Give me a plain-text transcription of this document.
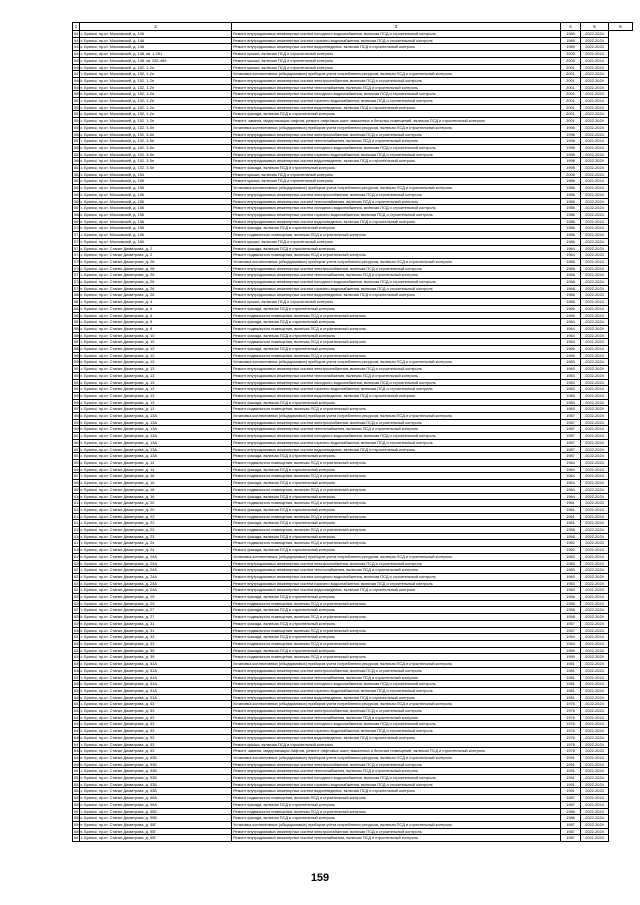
1	2	3	4	5	6
541.	г. Брянск, пр-кт. Московский, д. 146	Ремонт внутридомовых инженерных систем холодного водоснабжения, включая ПСД и строительный контроль	1989	2022-2024	
542.	г. Брянск, пр-кт. Московский, д. 146	Ремонт внутридомовых инженерных систем горячего водоснабжения, включая ПСД и строительный контроль	1989	2022-2024	
543.	г. Брянск, пр-кт. Московский, д. 146	Ремонт внутридомовых инженерных систем водоотведения, включая ПСД и строительный контроль	1989	2022-2024	
544.	г. Брянск, пр-кт. Московский, д. 148, кв. 1-281	Ремонт крыши, включая ПСД и строительный контроль	2005	2022-2024	
545.	г. Брянск, пр-кт. Московский, д. 148, кв. 282-469	Ремонт крыши, включая ПСД и строительный контроль	2005	2022-2024	
546.	г. Брянск, пр-кт. Московский, д. 152, 1-2п	Ремонт крыши, включая ПСД и строительный контроль	2001	2022-2024	
547.	г. Брянск, пр-кт. Московский, д. 152, 1-2п	Установка коллективных (общедомовых) приборов учета потребления ресурсов, включая ПСД и строительный контроль	2001	2022-2024	
548.	г. Брянск, пр-кт. Московский, д. 152, 1-2п	Ремонт внутридомовых инженерных систем электроснабжения, включая ПСД и строительный контроль	2001	2022-2024	
549.	г. Брянск, пр-кт. Московский, д. 152, 1-2п	Ремонт внутридомовых инженерных систем теплоснабжения, включая ПСД и строительный контроль	2001	2022-2024	
550.	г. Брянск, пр-кт. Московский, д. 152, 1-2п	Ремонт внутридомовых инженерных систем холодного водоснабжения, включая ПСД и строительный контроль	2001	2022-2024	
551.	г. Брянск, пр-кт. Московский, д. 152, 1-2п	Ремонт внутридомовых инженерных систем горячего водоснабжения, включая ПСД и строительный контроль	2001	2022-2024	
552.	г. Брянск, пр-кт. Московский, д. 152, 1-2п	Ремонт внутридомовых инженерных систем водоотведения, включая ПСД и строительный контроль	2001	2022-2024	
553.	г. Брянск, пр-кт. Московский, д. 152, 1-2п	Ремонт фасада, включая ПСД и строительный контроль	2001	2022-2024	
554.	г. Брянск, пр-кт. Московский, д. 152, 1-2п	Ремонт, замена, модернизация лифтов, ремонт лифтовых шахт, машинных и блочных помещений, включая ПСД и строительный контроль	2001	2022-2024	
555.	г. Брянск, пр-кт. Московский, д. 152, 3-5п	Установка коллективных (общедомовых) приборов учета потребления ресурсов, включая ПСД и строительный контроль	1998	2022-2024	
556.	г. Брянск, пр-кт. Московский, д. 152, 3-5п	Ремонт внутридомовых инженерных систем электроснабжения, включая ПСД и строительный контроль	1998	2022-2024	
557.	г. Брянск, пр-кт. Московский, д. 152, 3-5п	Ремонт внутридомовых инженерных систем теплоснабжения, включая ПСД и строительный контроль	1998	2022-2024	
558.	г. Брянск, пр-кт. Московский, д. 152, 3-5п	Ремонт внутридомовых инженерных систем холодного водоснабжения, включая ПСД и строительный контроль	1998	2022-2024	
559.	г. Брянск, пр-кт. Московский, д. 152, 3-5п	Ремонт внутридомовых инженерных систем горячего водоснабжения, включая ПСД и строительный контроль	1998	2022-2024	
560.	г. Брянск, пр-кт. Московский, д. 152, 3-5п	Ремонт внутридомовых инженерных систем водоотведения, включая ПСД и строительный контроль	1998	2022-2024	
561.	г. Брянск, пр-кт. Московский, д. 152, 3-5п	Ремонт фасада, включая ПСД и строительный контроль	1998	2022-2024	
562.	г. Брянск, пр-кт. Московский, д. 154	Ремонт крыши, включая ПСД и строительный контроль	2008	2022-2024	
563.	г. Брянск, пр-кт. Московский, д. 156	Ремонт крыши, включая ПСД и строительный контроль	1986	2022-2024	
564.	г. Брянск, пр-кт. Московский, д. 156	Установка коллективных (общедомовых) приборов учета потребления ресурсов, включая ПСД и строительный контроль	1986	2022-2024	
565.	г. Брянск, пр-кт. Московский, д. 156	Ремонт внутридомовых инженерных систем электроснабжения, включая ПСД и строительный контроль	1986	2022-2024	
566.	г. Брянск, пр-кт. Московский, д. 156	Ремонт внутридомовых инженерных систем теплоснабжения, включая ПСД и строительный контроль	1986	2022-2024	
567.	г. Брянск, пр-кт. Московский, д. 156	Ремонт внутридомовых инженерных систем холодного водоснабжения, включая ПСД и строительный контроль	1986	2022-2024	
568.	г. Брянск, пр-кт. Московский, д. 156	Ремонт внутридомовых инженерных систем горячего водоснабжения, включая ПСД и строительный контроль	1986	2022-2024	
569.	г. Брянск, пр-кт. Московский, д. 156	Ремонт внутридомовых инженерных систем водоотведения, включая ПСД и строительный контроль	1986	2022-2024	
570.	г. Брянск, пр-кт. Московский, д. 156	Ремонт фасада, включая ПСД и строительный контроль	1986	2022-2024	
571.	г. Брянск, пр-кт. Московский, д. 156	Ремонт подвального помещения, включая ПСД и строительный контроль	1986	2022-2024	
572.	г. Брянск, пр-кт. Московский, д. 160	Ремонт крыши, включая ПСД и строительный контроль	1986	2022-2024	
573.	г. Брянск, пр-кт. Станке Димитрова, д. 2	Ремонт фасада, включая ПСД и строительный контроль	1964	2022-2024	
574.	г. Брянск, пр-кт. Станке Димитрова, д. 2	Ремонт подвального помещения, включая ПСД и строительный контроль	1964	2022-2024	
575.	г. Брянск, пр-кт. Станке Димитрова, д. 26	Установка коллективных (общедомовых) приборов учета потребления ресурсов, включая ПСД и строительный контроль	1968	2022-2024	
576.	г. Брянск, пр-кт. Станке Димитрова, д. 26	Ремонт внутридомовых инженерных систем электроснабжения, включая ПСД и строительный контроль	1968	2022-2024	
577.	г. Брянск, пр-кт. Станке Димитрова, д. 26	Ремонт внутридомовых инженерных систем теплоснабжения, включая ПСД и строительный контроль	1968	2022-2024	
578.	г. Брянск, пр-кт. Станке Димитрова, д. 26	Ремонт внутридомовых инженерных систем холодного водоснабжения, включая ПСД и строительный контроль	1968	2022-2024	
579.	г. Брянск, пр-кт. Станке Димитрова, д. 26	Ремонт внутридомовых инженерных систем горячего водоснабжения, включая ПСД и строительный контроль	1968	2022-2024	
580.	г. Брянск, пр-кт. Станке Димитрова, д. 26	Ремонт внутридомовых инженерных систем водоотведения, включая ПСД и строительный контроль	1968	2022-2024	
581.	г. Брянск, пр-кт. Станке Димитрова, д. 4	Ремонт крыши, включая ПСД и строительный контроль	1968	2022-2024	
582.	г. Брянск, пр-кт. Станке Димитрова, д. 6	Ремонт фасада, включая ПСД и строительный контроль	1965	2022-2024	
583.	г. Брянск, пр-кт. Станке Димитрова, д. 6	Ремонт подвального помещения, включая ПСД и строительный контроль	1965	2022-2024	
584.	г. Брянск, пр-кт. Станке Димитрова, д. 8	Ремонт фасада, включая ПСД и строительный контроль	1964	2022-2024	
585.	г. Брянск, пр-кт. Станке Димитрова, д. 8	Ремонт подвального помещения, включая ПСД и строительный контроль	1964	2022-2024	
586.	г. Брянск, пр-кт. Станке Димитрова, д. 10	Ремонт фасада, включая ПСД и строительный контроль	1964	2022-2024	
587.	г. Брянск, пр-кт. Станке Димитрова, д. 10	Ремонт подвального помещения, включая ПСД и строительный контроль	1964	2022-2024	
588.	г. Брянск, пр-кт. Станке Димитрова, д. 12	Ремонт фасада, включая ПСД и строительный контроль	1965	2022-2024	
589.	г. Брянск, пр-кт. Станке Димитрова, д. 12	Ремонт подвального помещения, включая ПСД и строительный контроль	1965	2022-2024	
590.	г. Брянск, пр-кт. Станке Димитрова, д. 13	Установка коллективных (общедомовых) приборов учета потребления ресурсов, включая ПСД и строительный контроль	1983	2022-2024	
591.	г. Брянск, пр-кт. Станке Димитрова, д. 13	Ремонт внутридомовых инженерных систем электроснабжения, включая ПСД и строительный контроль	1983	2022-2024	
592.	г. Брянск, пр-кт. Станке Димитрова, д. 13	Ремонт внутридомовых инженерных систем теплоснабжения, включая ПСД и строительный контроль	1983	2022-2024	
593.	г. Брянск, пр-кт. Станке Димитрова, д. 13	Ремонт внутридомовых инженерных систем холодного водоснабжения, включая ПСД и строительный контроль	1983	2022-2024	
594.	г. Брянск, пр-кт. Станке Димитрова, д. 13	Ремонт внутридомовых инженерных систем горячего водоснабжения, включая ПСД и строительный контроль	1983	2022-2024	
595.	г. Брянск, пр-кт. Станке Димитрова, д. 13	Ремонт внутридомовых инженерных систем водоотведения, включая ПСД и строительный контроль	1983	2022-2024	
596.	г. Брянск, пр-кт. Станке Димитрова, д. 13	Ремонт фасада, включая ПСД и строительный контроль	1983	2022-2024	
597.	г. Брянск, пр-кт. Станке Димитрова, д. 13	Ремонт подвального помещения, включая ПСД и строительный контроль	1983	2022-2024	
598.	г. Брянск, пр-кт. Станке Димитрова, д. 13А	Установка коллективных (общедомовых) приборов учета потребления ресурсов, включая ПСД и строительный контроль	1987	2022-2024	
599.	г. Брянск, пр-кт. Станке Димитрова, д. 13А	Ремонт внутридомовых инженерных систем электроснабжения, включая ПСД и строительный контроль	1987	2022-2024	
600.	г. Брянск, пр-кт. Станке Димитрова, д. 13А	Ремонт внутридомовых инженерных систем теплоснабжения, включая ПСД и строительный контроль	1987	2022-2024	
601.	г. Брянск, пр-кт. Станке Димитрова, д. 13А	Ремонт внутридомовых инженерных систем холодного водоснабжения, включая ПСД и строительный контроль	1987	2022-2024	
602.	г. Брянск, пр-кт. Станке Димитрова, д. 13А	Ремонт внутридомовых инженерных систем горячего водоснабжения, включая ПСД и строительный контроль	1987	2022-2024	
603.	г. Брянск, пр-кт. Станке Димитрова, д. 13А	Ремонт внутридомовых инженерных систем водоотведения, включая ПСД и строительный контроль	1987	2022-2024	
604.	г. Брянск, пр-кт. Станке Димитрова, д. 13А	Ремонт фасада, включая ПСД и строительный контроль	1987	2022-2024	
605.	г. Брянск, пр-кт. Станке Димитрова, д. 14	Ремонт подвального помещения, включая ПСД и строительный контроль	1964	2022-2024	
606.	г. Брянск, пр-кт. Станке Димитрова, д. 14	Ремонт фасада, включая ПСД и строительный контроль	1964	2022-2024	
607.	г. Брянск, пр-кт. Станке Димитрова, д. 16	Ремонт подвального помещения, включая ПСД и строительный контроль	1964	2022-2024	
608.	г. Брянск, пр-кт. Станке Димитрова, д. 16	Ремонт фасада, включая ПСД и строительный контроль	1964	2022-2024	
609.	г. Брянск, пр-кт. Станке Димитрова, д. 18	Ремонт подвального помещения, включая ПСД и строительный контроль	1964	2022-2024	
610.	г. Брянск, пр-кт. Станке Димитрова, д. 18	Ремонт фасада, включая ПСД и строительный контроль	1964	2022-2024	
611.	г. Брянск, пр-кт. Станке Димитрова, д. 20	Ремонт подвального помещения, включая ПСД и строительный контроль	1961	2022-2024	
612.	г. Брянск, пр-кт. Станке Димитрова, д. 20	Ремонт фасада, включая ПСД и строительный контроль	1961	2022-2024	
613.	г. Брянск, пр-кт. Станке Димитрова, д. 22	Ремонт подвального помещения, включая ПСД и строительный контроль	1961	2022-2024	
614.	г. Брянск, пр-кт. Станке Димитрова, д. 22	Ремонт фасада, включая ПСД и строительный контроль	1961	2022-2024	
615.	г. Брянск, пр-кт. Станке Димитрова, д. 23	Ремонт подвального помещения, включая ПСД и строительный контроль	1958	2022-2024	
616.	г. Брянск, пр-кт. Станке Димитрова, д. 23	Ремонт фасада, включая ПСД и строительный контроль	1958	2022-2024	
617.	г. Брянск, пр-кт. Станке Димитрова, д. 24	Ремонт подвального помещения, включая ПСД и строительный контроль	1962	2022-2024	
618.	г. Брянск, пр-кт. Станке Димитрова, д. 24	Ремонт фасада, включая ПСД и строительный контроль	1962	2022-2024	
619.	г. Брянск, пр-кт. Станке Димитрова, д. 24А	Установка коллективных (общедомовых) приборов учета потребления ресурсов, включая ПСД и строительный контроль	1983	2022-2024	
620.	г. Брянск, пр-кт. Станке Димитрова, д. 24А	Ремонт внутридомовых инженерных систем электроснабжения, включая ПСД и строительный контроль	1983	2022-2024	
621.	г. Брянск, пр-кт. Станке Димитрова, д. 24А	Ремонт внутридомовых инженерных систем теплоснабжения, включая ПСД и строительный контроль	1983	2022-2024	
622.	г. Брянск, пр-кт. Станке Димитрова, д. 24А	Ремонт внутридомовых инженерных систем холодного водоснабжения, включая ПСД и строительный контроль	1983	2022-2024	
623.	г. Брянск, пр-кт. Станке Димитрова, д. 24А	Ремонт внутридомовых инженерных систем горячего водоснабжения, включая ПСД и строительный контроль	1983	2022-2024	
624.	г. Брянск, пр-кт. Станке Димитрова, д. 24А	Ремонт внутридомовых инженерных систем водоотведения, включая ПСД и строительный контроль	1983	2022-2024	
625.	г. Брянск, пр-кт. Станке Димитрова, д. 25	Ремонт фасада, включая ПСД и строительный контроль	1958	2022-2024	
626.	г. Брянск, пр-кт. Станке Димитрова, д. 25	Ремонт подвального помещения, включая ПСД и строительный контроль	1958	2022-2024	
627.	г. Брянск, пр-кт. Станке Димитрова, д. 27	Ремонт фасада, включая ПСД и строительный контроль	1958	2022-2024	
628.	г. Брянск, пр-кт. Станке Димитрова, д. 27	Ремонт подвального помещения, включая ПСД и строительный контроль	1958	2022-2024	
629.	г. Брянск, пр-кт. Станке Димитрова, д. 31	Ремонт фасада, включая ПСД и строительный контроль	1957	2022-2024	
630.	г. Брянск, пр-кт. Станке Димитрова, д. 31	Ремонт подвального помещения, включая ПСД и строительный контроль	1957	2022-2024	
631.	г. Брянск, пр-кт. Станке Димитрова, д. 33	Ремонт фасада, включая ПСД и строительный контроль	1954	2022-2024	
632.	г. Брянск, пр-кт. Станке Димитрова, д. 33	Ремонт подвального помещения, включая ПСД и строительный контроль	1954	2022-2024	
633.	г. Брянск, пр-кт. Станке Димитрова, д. 39	Ремонт фасада, включая ПСД и строительный контроль	1959	2022-2024	
634.	г. Брянск, пр-кт. Станке Димитрова, д. 39	Ремонт подвального помещения, включая ПСД и строительный контроль	1959	2022-2024	
635.	г. Брянск, пр-кт. Станке Димитрова, д. 51А	Установка коллективных (общедомовых) приборов учета потребления ресурсов, включая ПСД и строительный контроль	1981	2022-2024	
636.	г. Брянск, пр-кт. Станке Димитрова, д. 51А	Ремонт внутридомовых инженерных систем электроснабжения, включая ПСД и строительный контроль	1981	2022-2024	
637.	г. Брянск, пр-кт. Станке Димитрова, д. 51А	Ремонт внутридомовых инженерных систем теплоснабжения, включая ПСД и строительный контроль	1981	2022-2024	
638.	г. Брянск, пр-кт. Станке Димитрова, д. 51А	Ремонт внутридомовых инженерных систем холодного водоснабжения, включая ПСД и строительный контроль	1981	2022-2024	
639.	г. Брянск, пр-кт. Станке Димитрова, д. 51А	Ремонт внутридомовых инженерных систем горячего водоснабжения, включая ПСД и строительный контроль	1981	2022-2024	
640.	г. Брянск, пр-кт. Станке Димитрова, д. 51А	Ремонт внутридомовых инженерных систем водоотведения, включая ПСД и строительный контроль	1981	2022-2024	
641.	г. Брянск, пр-кт. Станке Димитрова, д. 53	Установка коллективных (общедомовых) приборов учета потребления ресурсов, включая ПСД и строительный контроль	1976	2022-2024	
642.	г. Брянск, пр-кт. Станке Димитрова, д. 53	Ремонт внутридомовых инженерных систем электроснабжения, включая ПСД и строительный контроль	1976	2022-2024	
643.	г. Брянск, пр-кт. Станке Димитрова, д. 53	Ремонт внутридомовых инженерных систем теплоснабжения, включая ПСД и строительный контроль	1976	2022-2024	
644.	г. Брянск, пр-кт. Станке Димитрова, д. 53	Ремонт внутридомовых инженерных систем холодного водоснабжения, включая ПСД и строительный контроль	1976	2022-2024	
645.	г. Брянск, пр-кт. Станке Димитрова, д. 53	Ремонт внутридомовых инженерных систем горячего водоснабжения, включая ПСД и строительный контроль	1976	2022-2024	
646.	г. Брянск, пр-кт. Станке Димитрова, д. 53	Ремонт внутридомовых инженерных систем водоотведения, включая ПСД и строительный контроль	1976	2022-2024	
647.	г. Брянск, пр-кт. Станке Димитрова, д. 53	Ремонт крыши, включая ПСД и строительный контроль	1976	2022-2024	
648.	г. Брянск, пр-кт. Станке Димитрова, д. 53	Ремонт, замена, модернизация лифтов, ремонт лифтовых шахт, машинных и блочных помещений, включая ПСД и строительный контроль	1976	2022-2024	
649.	г. Брянск, пр-кт. Станке Димитрова, д. 53Б	Установка коллективных (общедомовых) приборов учета потребления ресурсов, включая ПСД и строительный контроль	1991	2022-2024	
650.	г. Брянск, пр-кт. Станке Димитрова, д. 53Б	Ремонт внутридомовых инженерных систем электроснабжения, включая ПСД и строительный контроль	1991	2022-2024	
651.	г. Брянск, пр-кт. Станке Димитрова, д. 53Б	Ремонт внутридомовых инженерных систем теплоснабжения, включая ПСД и строительный контроль	1991	2022-2024	
652.	г. Брянск, пр-кт. Станке Димитрова, д. 53Б	Ремонт внутридомовых инженерных систем холодного водоснабжения, включая ПСД и строительный контроль	1991	2022-2024	
653.	г. Брянск, пр-кт. Станке Димитрова, д. 53Б	Ремонт внутридомовых инженерных систем горячего водоснабжения, включая ПСД и строительный контроль	1991	2022-2024	
654.	г. Брянск, пр-кт. Станке Димитрова, д. 53Б	Ремонт внутридомовых инженерных систем водоотведения, включая ПСД и строительный контроль	1991	2022-2024	
655.	г. Брянск, пр-кт. Станке Димитрова, д. 55А	Ремонт подвального помещения, включая ПСД и строительный контроль	1987	2022-2024	
656.	г. Брянск, пр-кт. Станке Димитрова, д. 55А	Ремонт фасада, включая ПСД и строительный контроль	1987	2022-2024	
657.	г. Брянск, пр-кт. Станке Димитрова, д. 55Б	Ремонт подвального помещения, включая ПСД и строительный контроль	1986	2022-2024	
658.	г. Брянск, пр-кт. Станке Димитрова, д. 55Б	Ремонт фасада, включая ПСД и строительный контроль	1986	2022-2024	
659.	г. Брянск, пр-кт. Станке Димитрова, д. 55Г	Установка коллективных (общедомовых) приборов учета потребления ресурсов, включая ПСД и строительный контроль	1987	2022-2024	
660.	г. Брянск, пр-кт. Станке Димитрова, д. 55Г	Ремонт внутридомовых инженерных систем электроснабжения, включая ПСД и строительный контроль	1987	2022-2024	
661.	г. Брянск, пр-кт. Станке Димитрова, д. 55Г	Ремонт внутридомовых инженерных систем теплоснабжения, включая ПСД и строительный контроль	1987	2022-2024	
159
